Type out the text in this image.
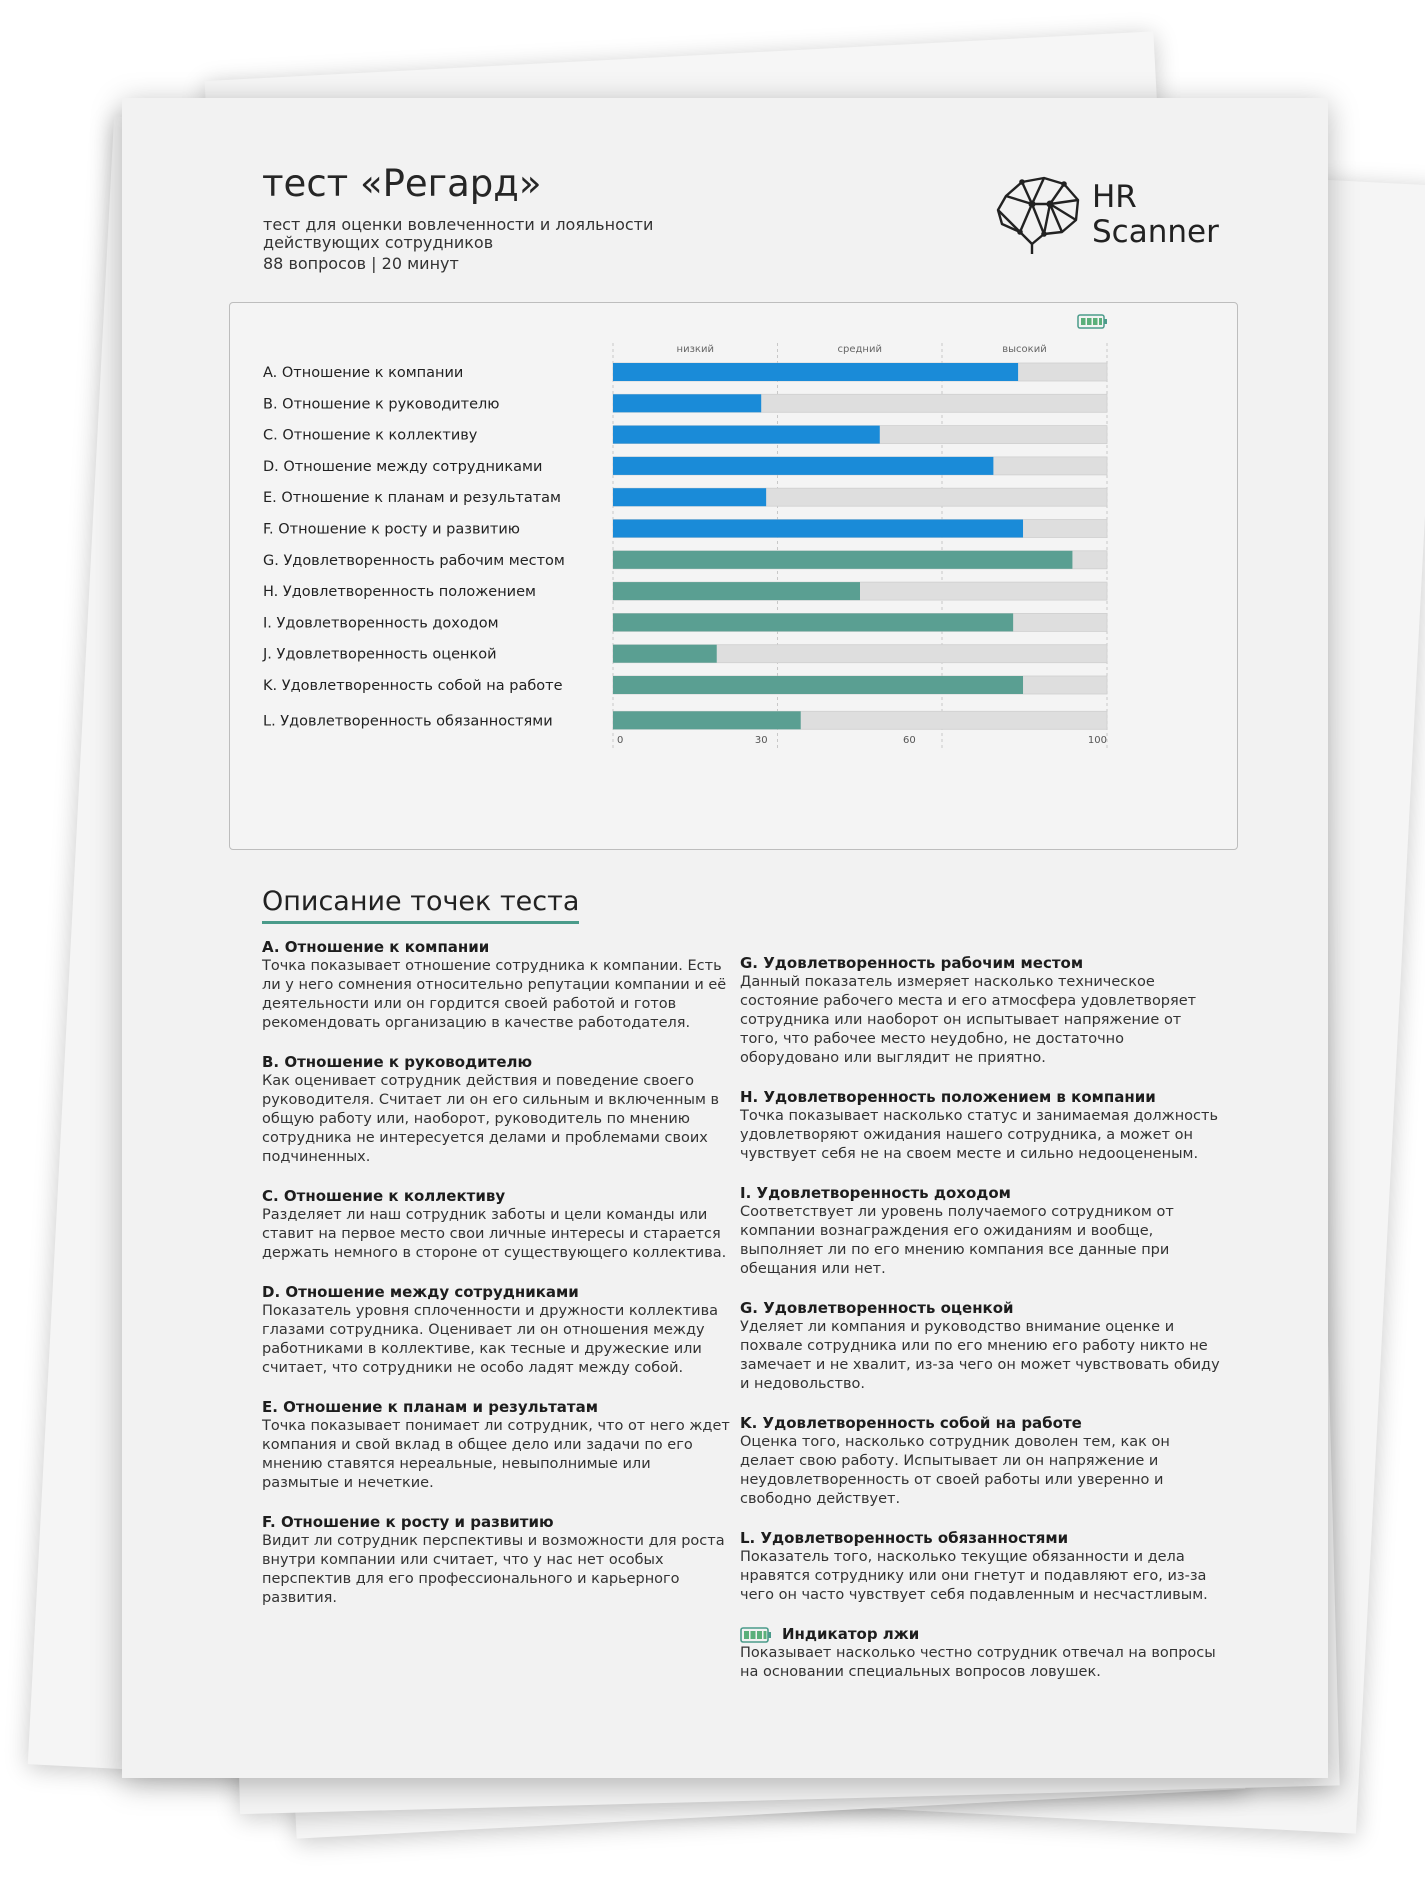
тест «Регард»
тест для оценки вовлеченности и лояльности действующих сотрудников
88 вопросов | 20 минут
HR
Scanner
низкий	средний	высокий
A. Отношение к компании
B. Отношение к руководителю
C. Отношение к коллективу
D. Отношение между сотрудниками
E. Отношение к планам и результатам
F. Отношение к росту и развитию
G. Удовлетворенность рабочим местом
H. Удовлетворенность положением
I. Удовлетворенность доходом
J. Удовлетворенность оценкой
K. Удовлетворенность собой на работе
L. Удовлетворенность обязанностями
0	30	60	100
Описание точек теста
A. Отношение к компании
Точка показывает отношение сотрудника к компании. Есть ли у него сомнения относительно репутации компании и её деятельности или он гордится своей работой и готов рекомендовать организацию в качестве работодателя.
B. Отношение к руководителю
Как оценивает сотрудник действия и поведение своего руководителя. Считает ли он его сильным и включенным в общую работу или, наоборот, руководитель по мнению сотрудника не интересуется делами и проблемами своих подчиненных.
C. Отношение к коллективу
Разделяет ли наш сотрудник заботы и цели команды или ставит на первое место свои личные интересы и старается держать немного в стороне от существующего коллектива.
D. Отношение между сотрудниками
Показатель уровня сплоченности и дружности коллектива глазами сотрудника. Оценивает ли он отношения между работниками в коллективе, как тесные и дружеские или считает, что сотрудники не особо ладят между собой.
E. Отношение к планам и результатам
Точка показывает понимает ли сотрудник, что от него ждет компания и свой вклад в общее дело или задачи по его мнению ставятся нереальные, невыполнимые или размытые и нечеткие.
F. Отношение к росту и развитию
Видит ли сотрудник перспективы и возможности для роста внутри компании или считает, что у нас нет особых перспектив для его профессионального и карьерного развития.
G. Удовлетворенность рабочим местом
Данный показатель измеряет насколько техническое состояние рабочего места и его атмосфера удовлетворяет сотрудника или наоборот он испытывает напряжение от того, что рабочее место неудобно, не достаточно оборудовано или выглядит не приятно.
H. Удовлетворенность положением в компании
Точка показывает насколько статус и занимаемая должность удовлетворяют ожидания нашего сотрудника, а может он чувствует себя не на своем месте и сильно недооцененым.
I. Удовлетворенность доходом
Соответствует ли уровень получаемого сотрудником от компании вознаграждения его ожиданиям и вообще, выполняет ли по его мнению компания все данные при обещания или нет.
G. Удовлетворенность оценкой
Уделяет ли компания и руководство внимание оценке и похвале сотрудника или по его мнению его работу никто не замечает и не хвалит, из-за чего он может чувствовать обиду и недовольство.
K. Удовлетворенность собой на работе
Оценка того, насколько сотрудник доволен тем, как он делает свою работу. Испытывает ли он напряжение и неудовлетворенность от своей работы или уверенно и свободно действует.
L. Удовлетворенность обязанностями
Показатель того, насколько текущие обязанности и дела нравятся сотруднику или они гнетут и подавляют его, из-за чего он часто чувствует себя подавленным и несчастливым.
Индикатор лжи
Показывает насколько честно сотрудник отвечал на вопросы на основании специальных вопросов ловушек.
